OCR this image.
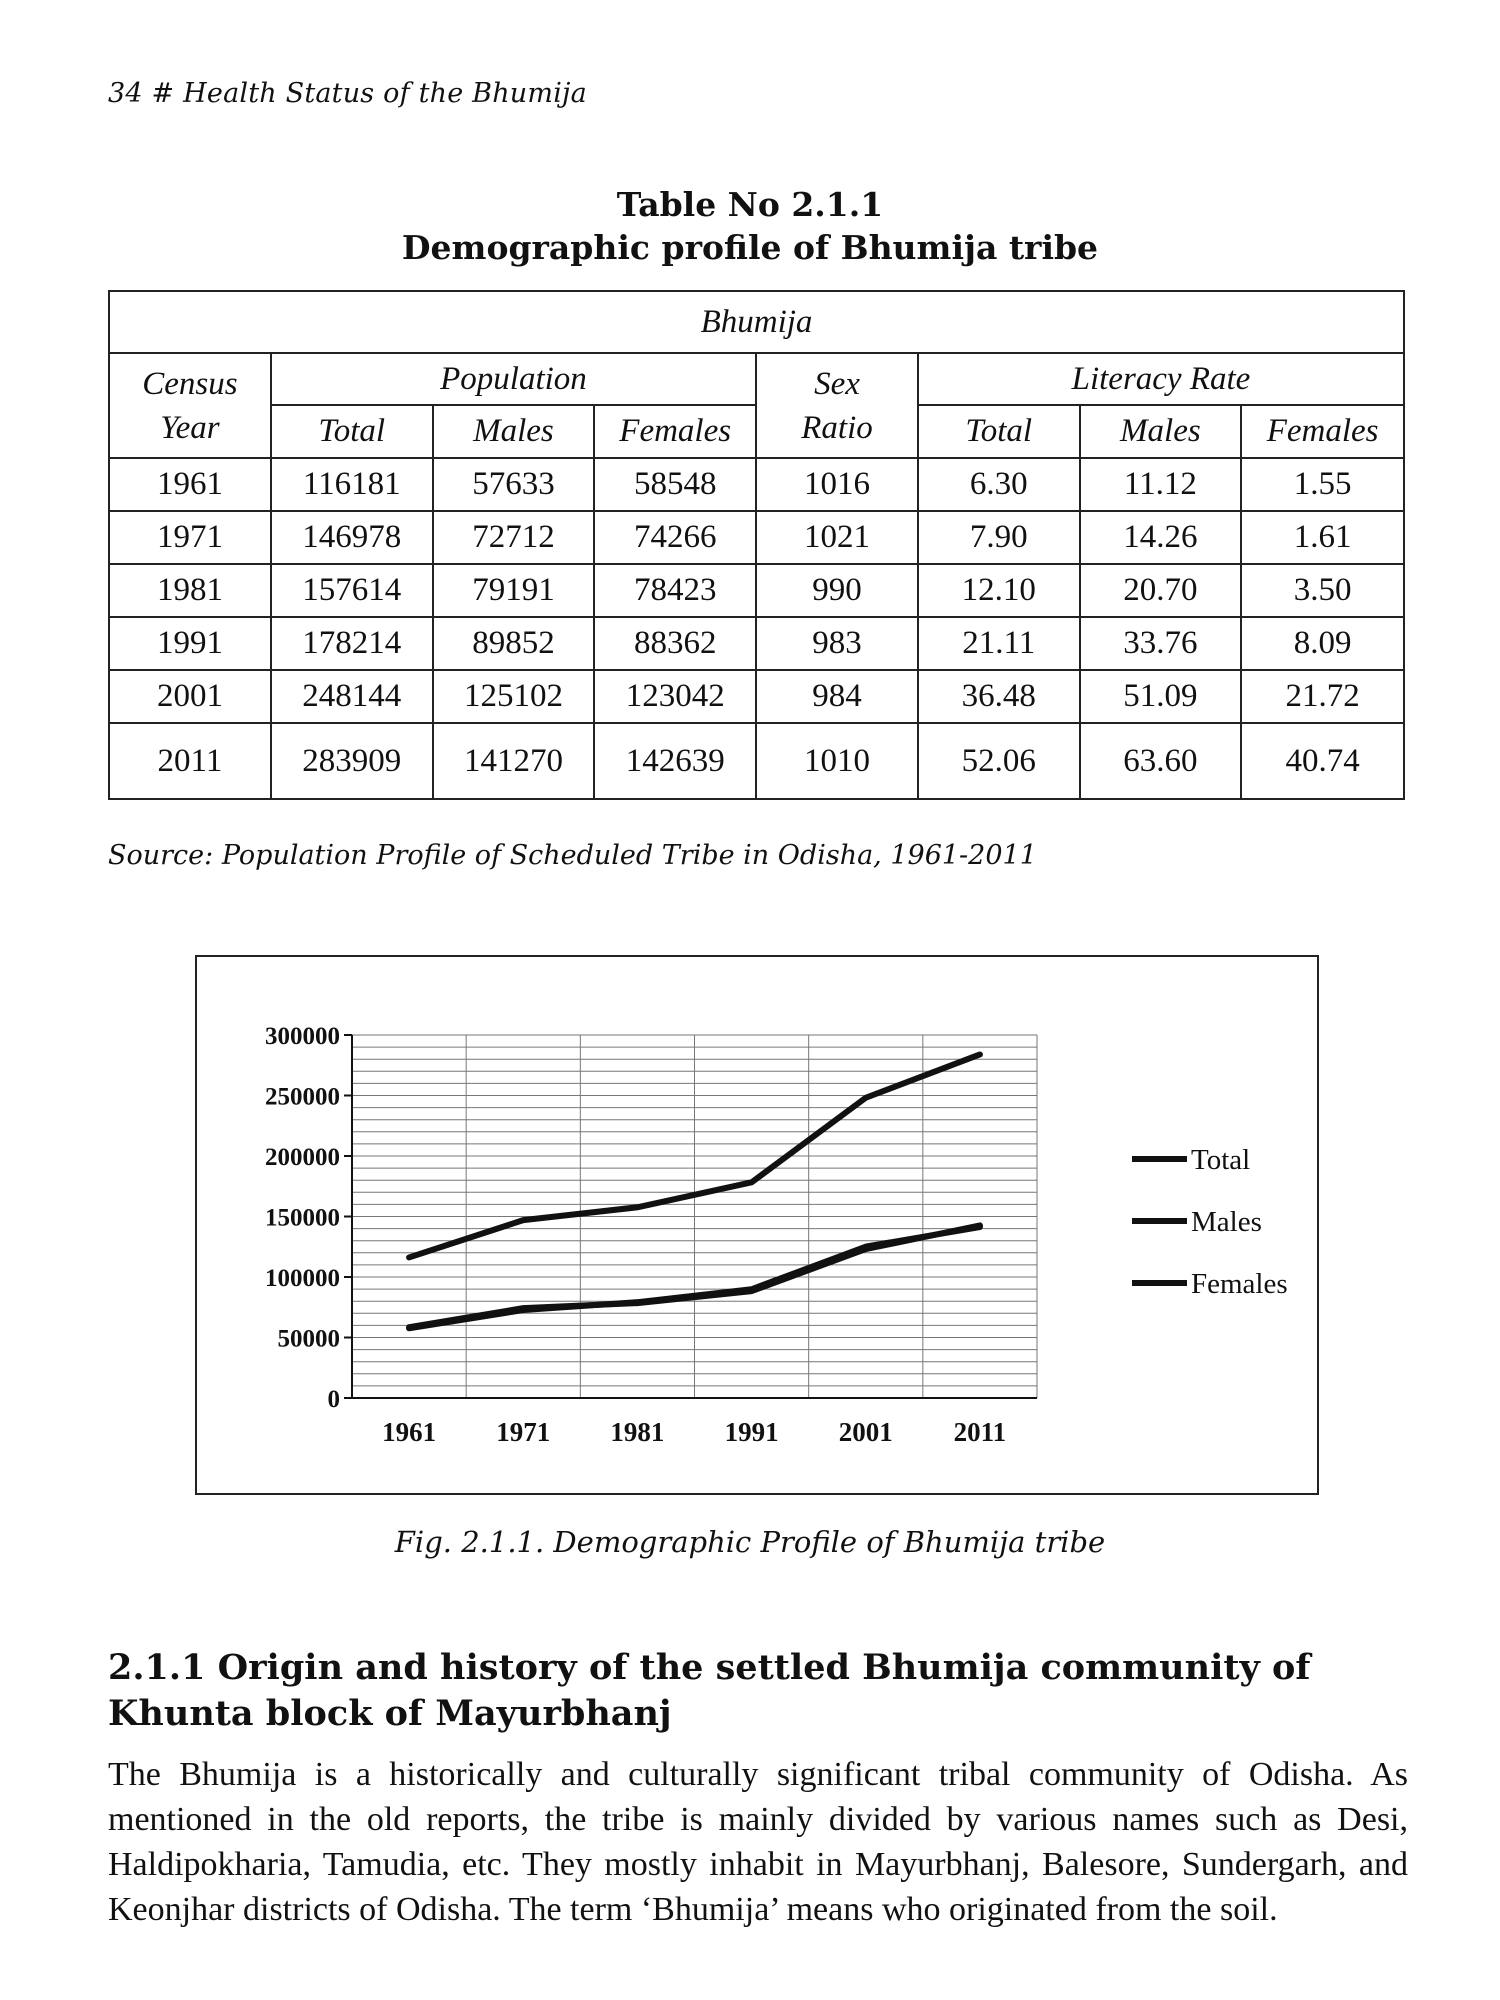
34 # Health Status of the Bhumija
Table No 2.1.1
Demographic profile of Bhumija tribe
Bhumija							
Census Year	Population			Sex Ratio	Literacy Rate		
	Total	Males	Females		Total	Males	Females
1961	116181	57633	58548	1016	6.30	11.12	1.55
1971	146978	72712	74266	1021	7.90	14.26	1.61
1981	157614	79191	78423	990	12.10	20.70	3.50
1991	178214	89852	88362	983	21.11	33.76	8.09
2001	248144	125102	123042	984	36.48	51.09	21.72
2011	283909	141270	142639	1010	52.06	63.60	40.74
Source: Population Profile of Scheduled Tribe in Odisha, 1961-2011
300000
250000
200000
150000
100000
50000
0
1961 1971 1981 1991 2001 2011
Total
Males
Females
Fig. 2.1.1. Demographic Profile of Bhumija tribe
2.1.1 Origin and history of the settled Bhumija community of Khunta block of Mayurbhanj
The Bhumija is a historically and culturally significant tribal community of Odisha. As mentioned in the old reports, the tribe is mainly divided by various names such as Desi, Haldipokharia, Tamudia, etc. They mostly inhabit in Mayurbhanj, Balesore, Sundergarh, and Keonjhar districts of Odisha. The term ‘Bhumija’ means who originated from the soil.
